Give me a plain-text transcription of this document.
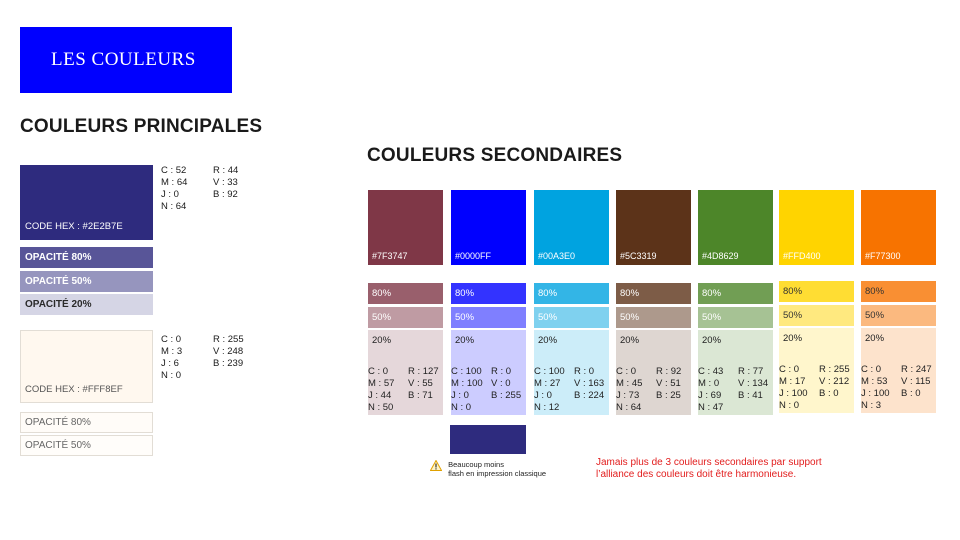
LES COULEURS
COULEURS PRINCIPALES
CODE HEX : #2E2B7E
C : 52
M : 64
J : 0
N : 64
R : 44
V : 33
B : 92
OPACITÉ 80%
OPACITÉ 50%
OPACITÉ 20%
CODE HEX : #FFF8EF
C : 0
M : 3
J : 6
N : 0
R : 255
V : 248
B : 239
OPACITÉ 80%
OPACITÉ 50%
COULEURS SECONDAIRES
#7F3747
80%
50%
20%
C : 0
M : 57
J : 44
N : 50
R : 127
V : 55
B : 71
#0000FF
80%
50%
20%
C : 100
M : 100
J : 0
N : 0
R : 0
V : 0
B : 255
#00A3E0
80%
50%
20%
C : 100
M : 27
J : 0
N : 12
R : 0
V : 163
B : 224
#5C3319
80%
50%
20%
C : 0
M : 45
J : 73
N : 64
R : 92
V : 51
B : 25
#4D8629
80%
50%
20%
C : 43
M : 0
J : 69
N : 47
R : 77
V : 134
B : 41
#FFD400
80%
50%
20%
C : 0
M : 17
J : 100
N : 0
R : 255
V : 212
B : 0
#F77300
80%
50%
20%
C : 0
M : 53
J : 100
N : 3
R : 247
V : 115
B : 0

Beaucoup moins
flash en impression classique
Jamais plus de 3 couleurs secondaires par support
l’alliance des couleurs doit être harmonieuse.
